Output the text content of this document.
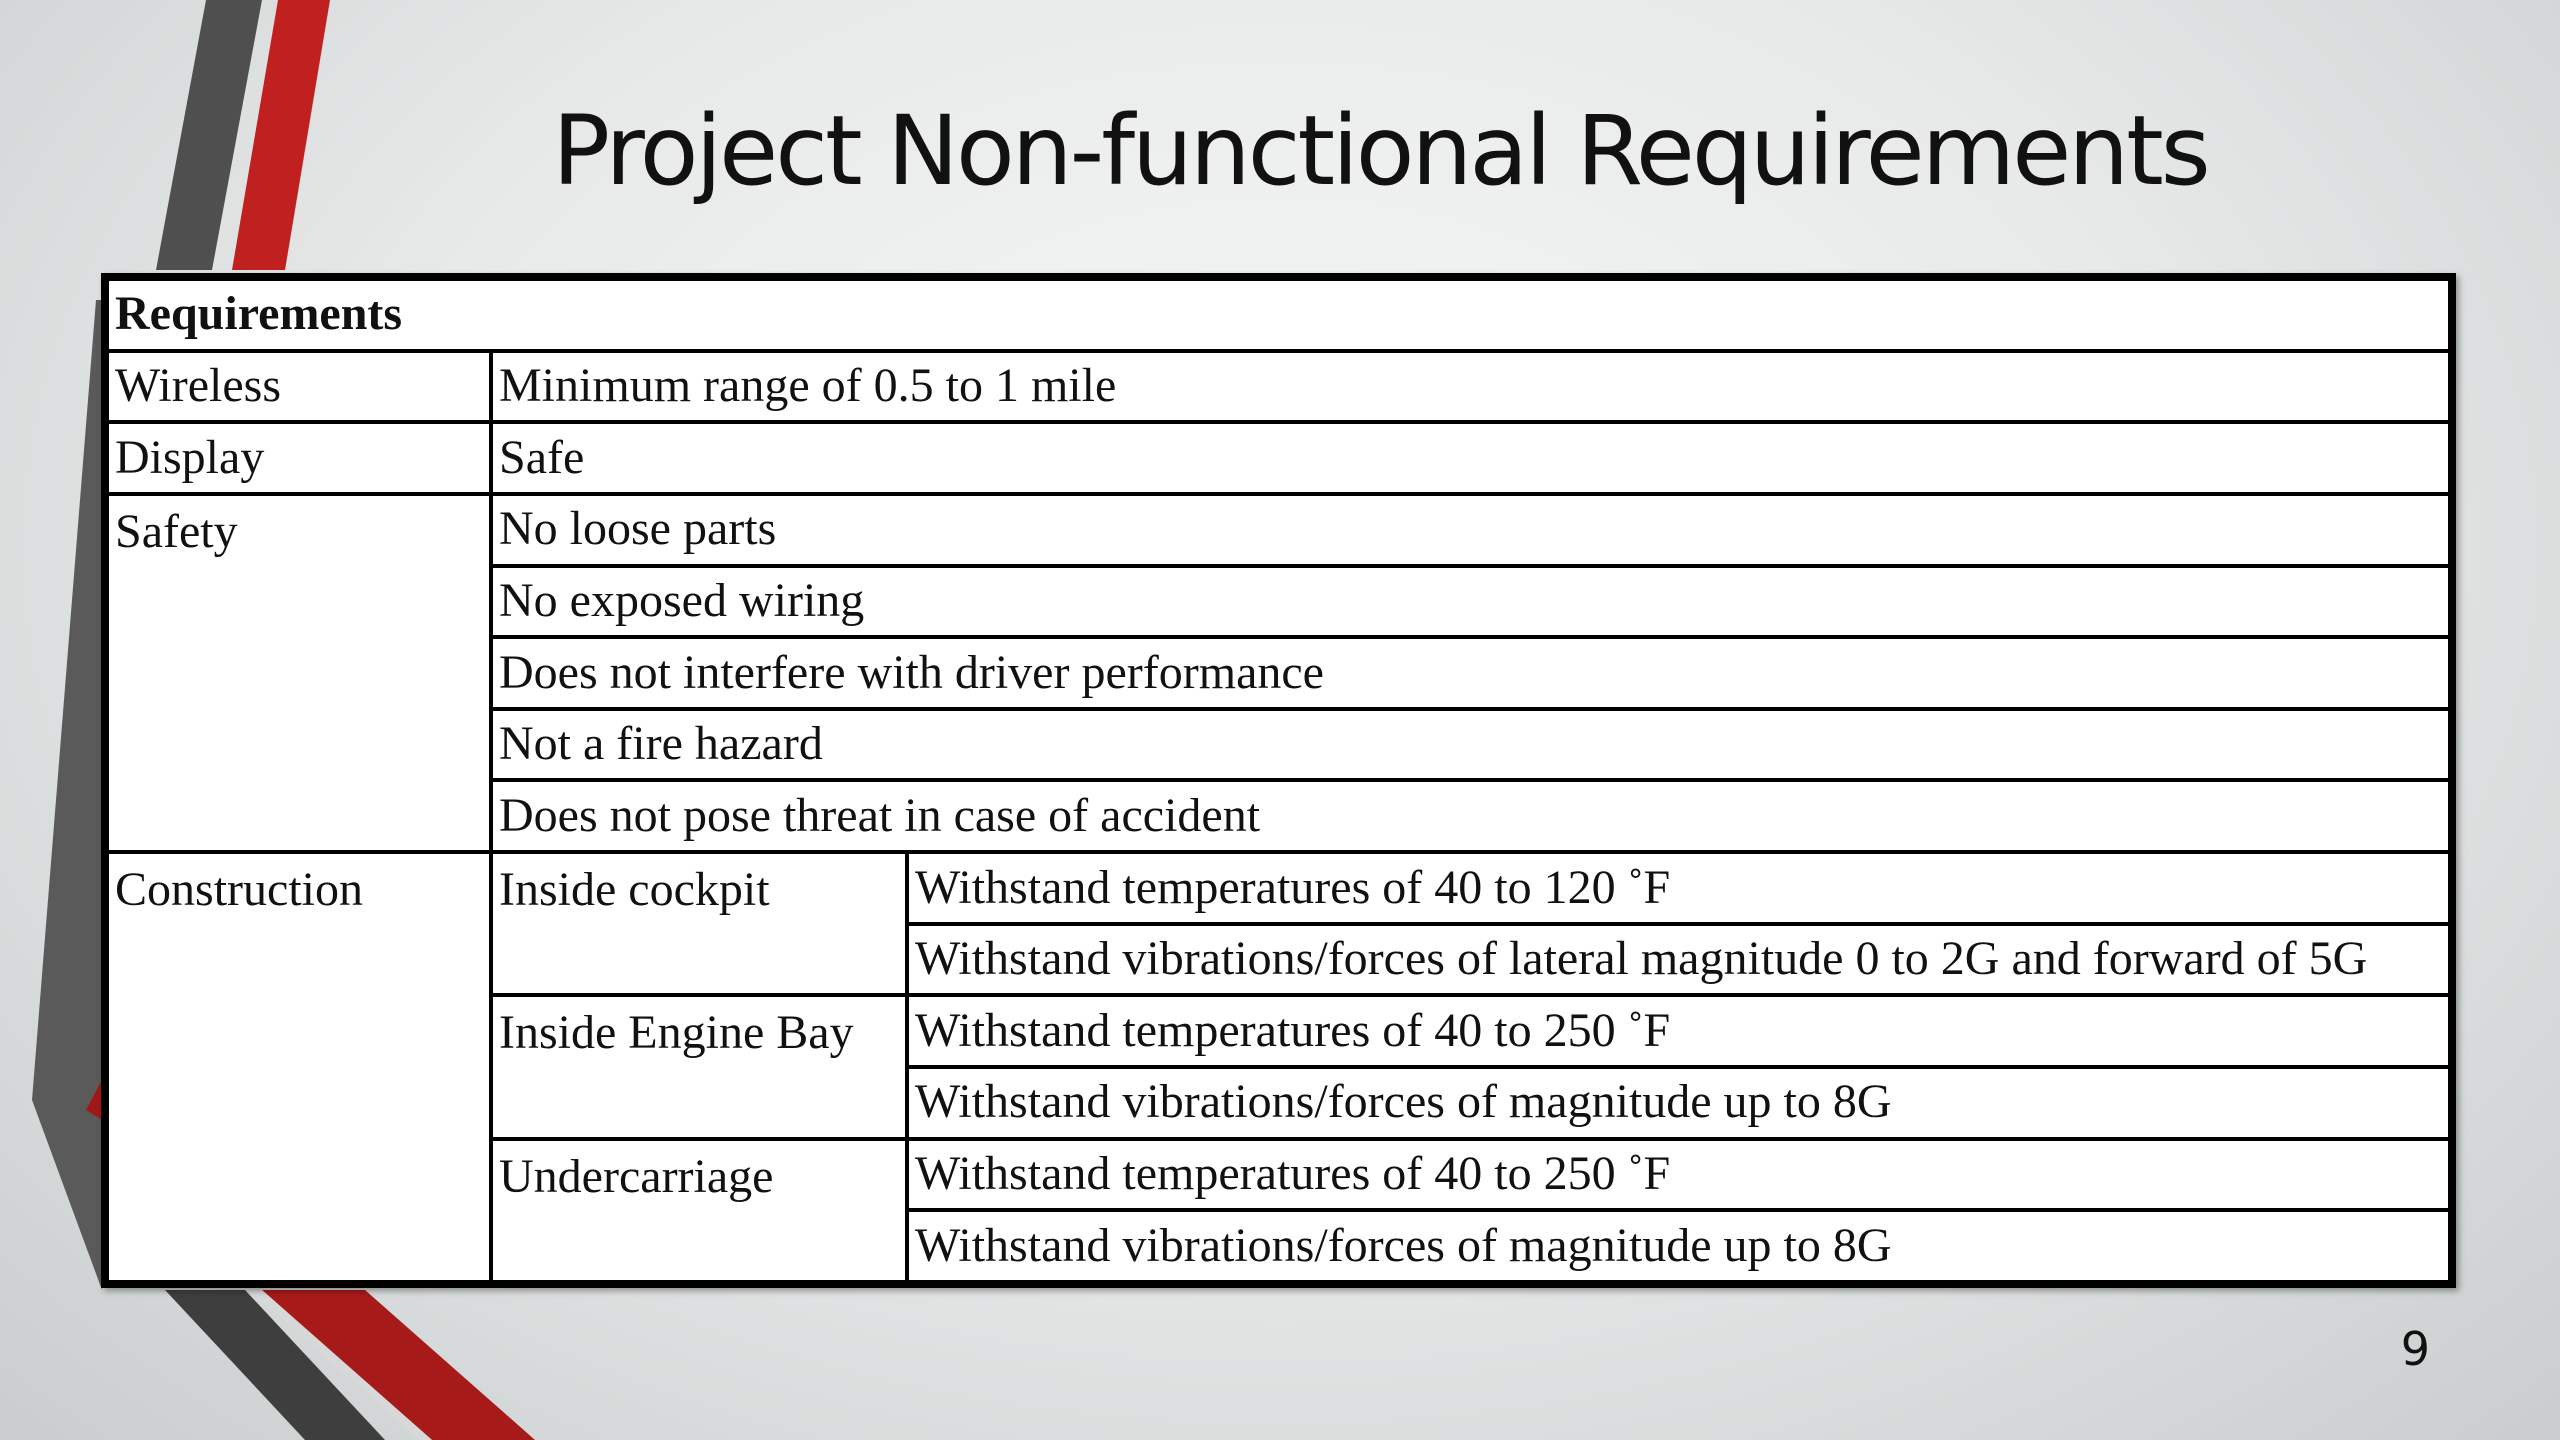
Project Non-functional Requirements
Requirements		
Wireless	Minimum range of 0.5 to 1 mile	
Display	Safe	
Safety	No loose parts	
	No exposed wiring	
	Does not interfere with driver performance	
	Not a fire hazard	
	Does not pose threat in case of accident	
Construction	Inside cockpit	Withstand temperatures of 40 to 120 ˚F
		Withstand vibrations/forces of lateral magnitude 0 to 2G and forward of 5G
	Inside Engine Bay	Withstand temperatures of 40 to 250 ˚F
		Withstand vibrations/forces of magnitude up to 8G
	Undercarriage	Withstand temperatures of 40 to 250 ˚F
		Withstand vibrations/forces of magnitude up to 8G
9
